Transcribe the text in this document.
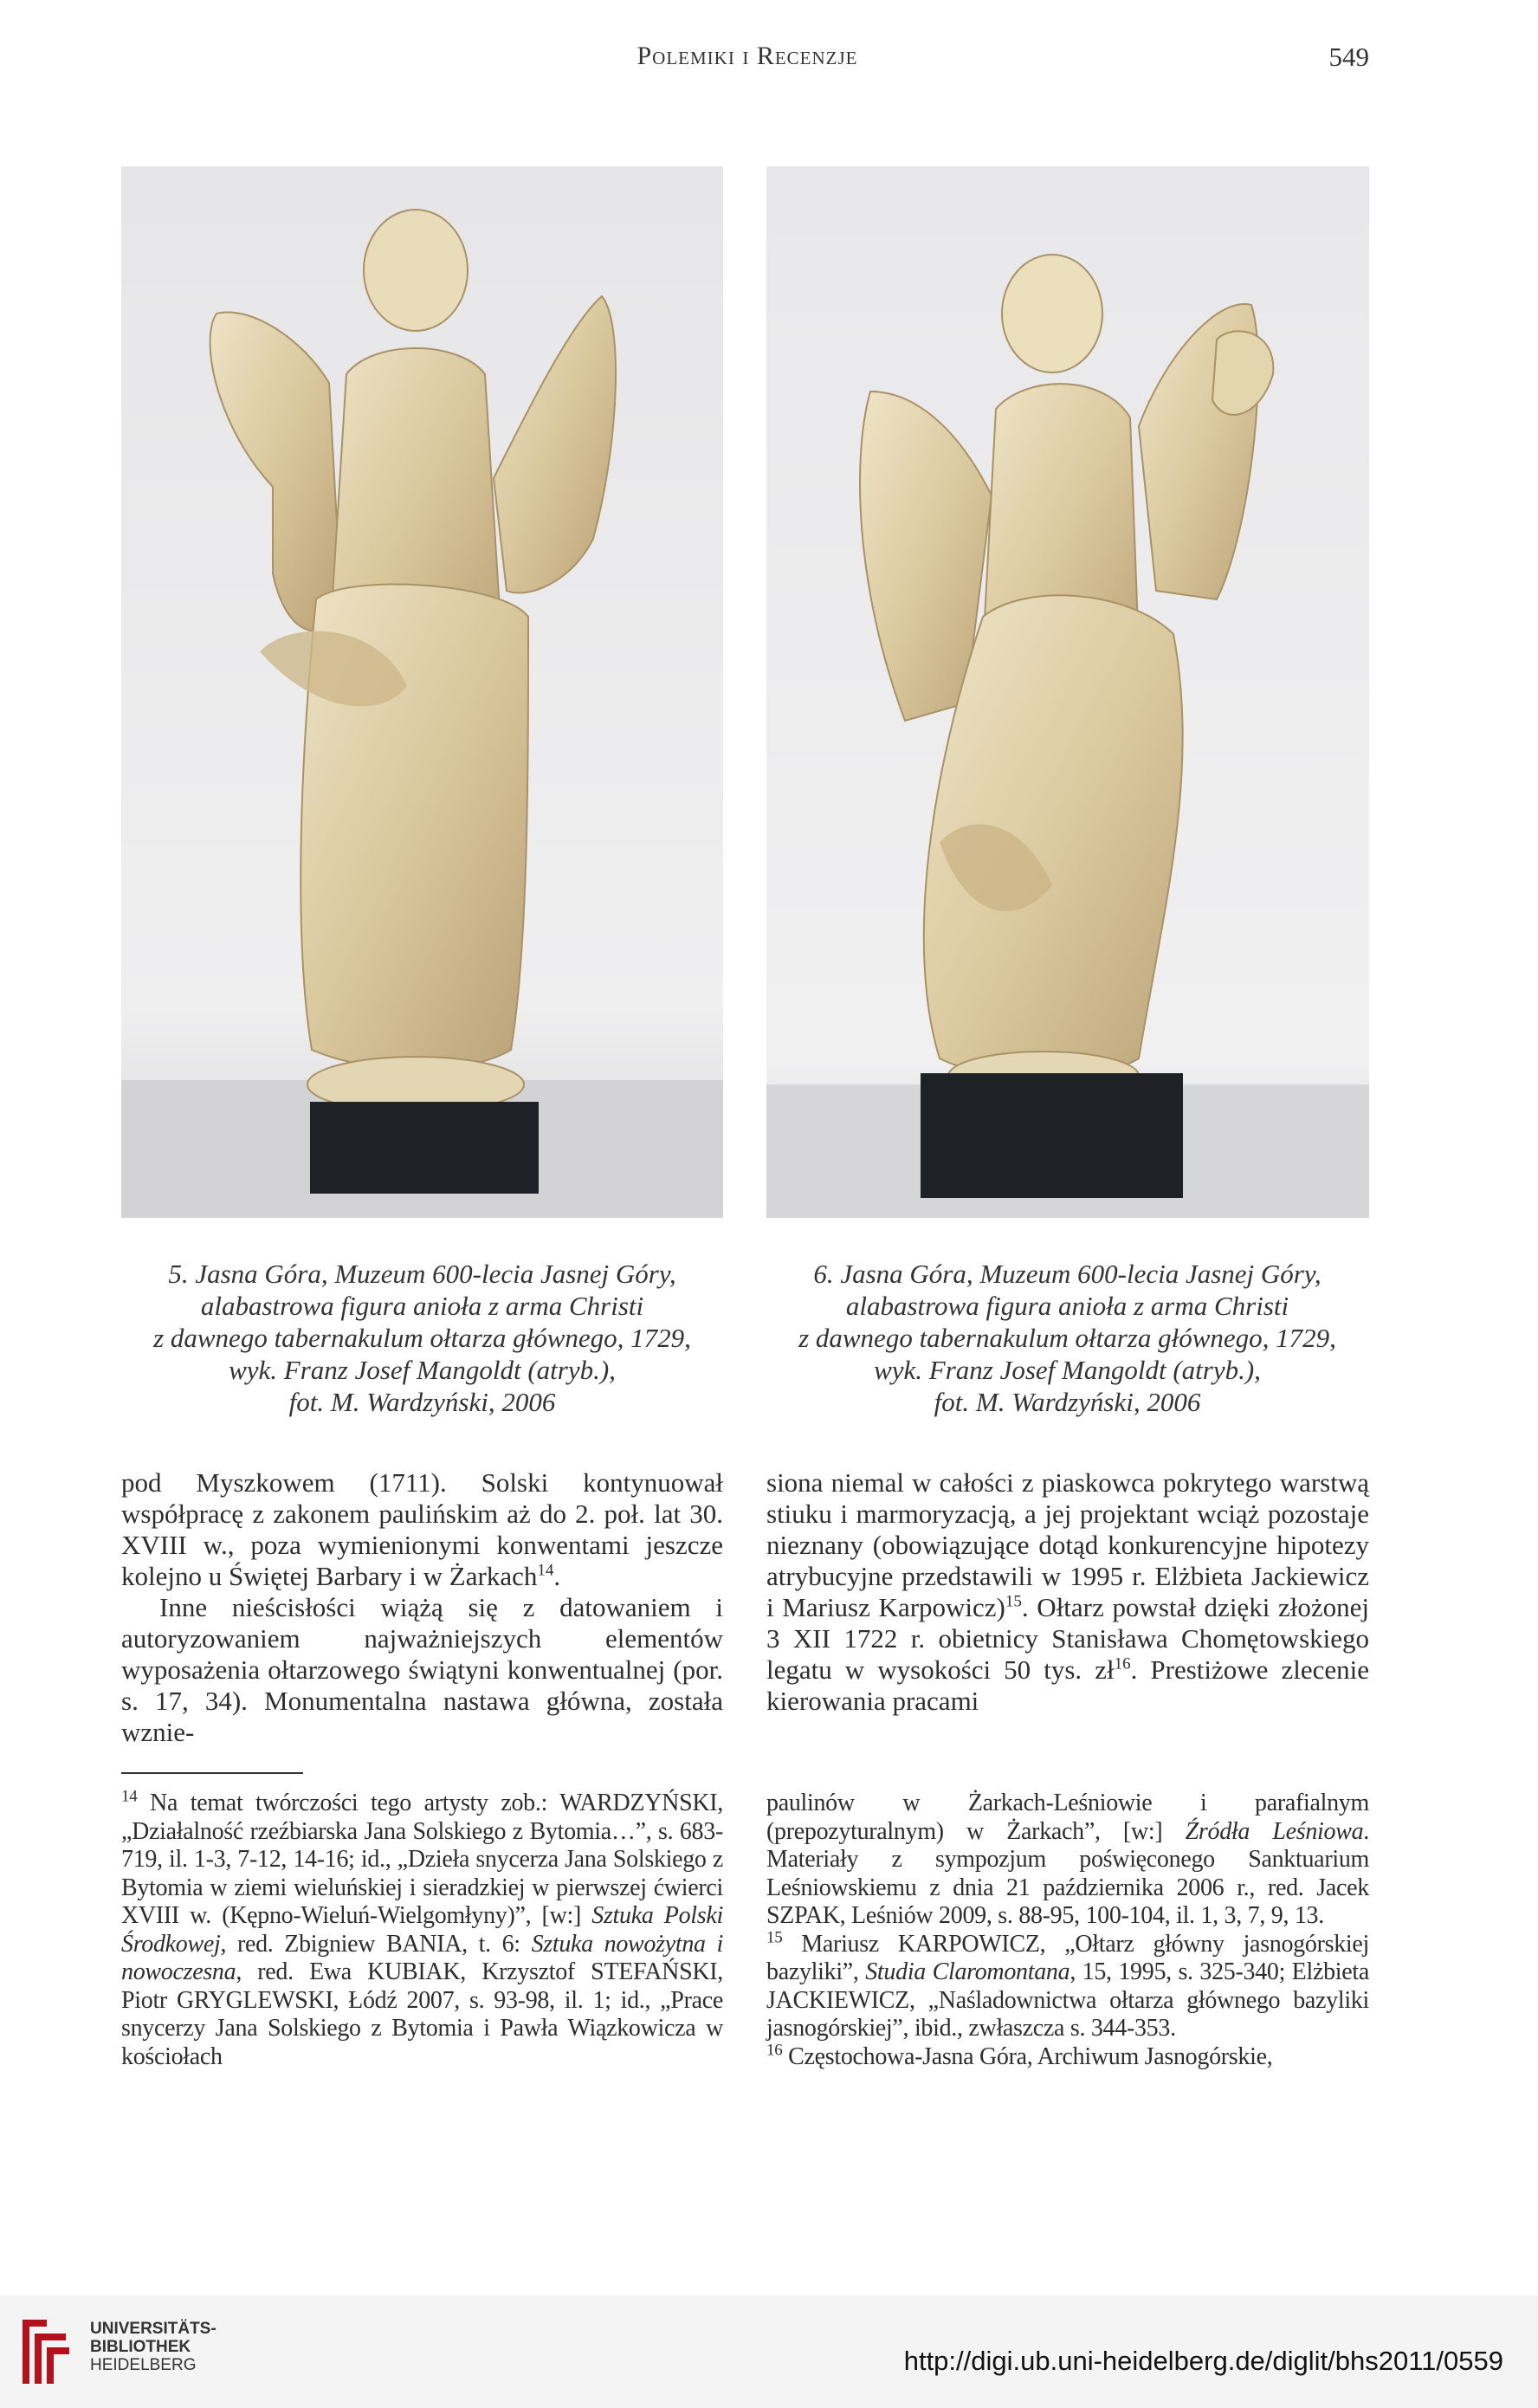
Polemiki i Recenzje	549
5. Jasna Góra, Muzeum 600-lecia Jasnej Góry,
alabastrowa figura anioła z arma Christi
z dawnego tabernakulum ołtarza głównego, 1729,
wyk. Franz Josef Mangoldt (atryb.),
fot. M. Wardzyński, 2006
6. Jasna Góra, Muzeum 600-lecia Jasnej Góry,
alabastrowa figura anioła z arma Christi
z dawnego tabernakulum ołtarza głównego, 1729,
wyk. Franz Josef Mangoldt (atryb.),
fot. M. Wardzyński, 2006

pod Myszkowem (1711). Solski kontynuował współpracę z zakonem paulińskim aż do 2. poł. lat 30. XVIII w., poza wymienionymi konwentami jeszcze kolejno u Świętej Barbary i w Żarkach$^{14}$.

Inne nieścisłości wiążą się z datowaniem i autoryzowaniem najważniejszych elementów wyposażenia ołtarzowego świątyni konwentualnej (por. s. 17, 34). Monumentalna nastawa główna, została wznie-

siona niemal w całości z piaskowca pokrytego warstwą stiuku i marmoryzacją, a jej projektant wciąż pozostaje nieznany (obowiązujące dotąd konkurencyjne hipotezy atrybucyjne przedstawili w 1995 r. Elżbieta Jackiewicz i Mariusz Karpowicz)$^{15}$. Ołtarz powstał dzięki złożonej 3 XII 1722 r. obietnicy Stanisława Chomętowskiego legatu w wysokości 50 tys. $zł^{16}$. Prestiżowe zlecenie kierowania pracami

$^{14}$ Na temat twórczości tego artysty zob.: WARDZYŃSKI, „Działalność rzeźbiarska Jana Solskiego z Bytomia…”, s. 683-719, il. 1-3, 7-12, 14-16; id., „Dzieła snycerza Jana Solskiego z Bytomia w ziemi wieluńskiej i sieradzkiej w pierwszej ćwierci XVIII w. (Kępno-Wieluń-Wielgomłyny)”, [w:] Sztuka Polski Środkowej, red. Zbigniew BANIA, t. 6: Sztuka nowożytna i nowoczesna, red. Ewa KUBIAK, Krzysztof STEFAŃSKI, Piotr GRYGLEWSKI, Łódź 2007, s. 93-98, il. 1; id., „Prace snycerzy Jana Solskiego z Bytomia i Pawła Wiązkowicza w kościołach

paulinów w Żarkach-Leśniowie i parafialnym (prepozyturalnym) w Żarkach”, [w:] Źródła Leśniowa. Materiały z sympozjum poświęconego Sanktuarium Leśniowskiemu z dnia 21 października 2006 r., red. Jacek SZPAK, Leśniów 2009, s. 88-95, 100-104, il. 1, 3, 7, 9, 13.

$^{15}$ Mariusz KARPOWICZ, „Ołtarz główny jasnogórskiej bazyliki”, Studia Claromontana, 15, 1995, s. 325-340; Elżbieta JACKIEWICZ, „Naśladownictwa ołtarza głównego bazyliki jasnogórskiej”, ibid., zwłaszcza s. 344-353.

$^{16}$ Częstochowa-Jasna Góra, Archiwum Jasnogórskie,

UNIVERSITÄTS-
BIBLIOTHEK
HEIDELBERG	http://digi.ub.uni-heidelberg.de/diglit/bhs2011/0559
